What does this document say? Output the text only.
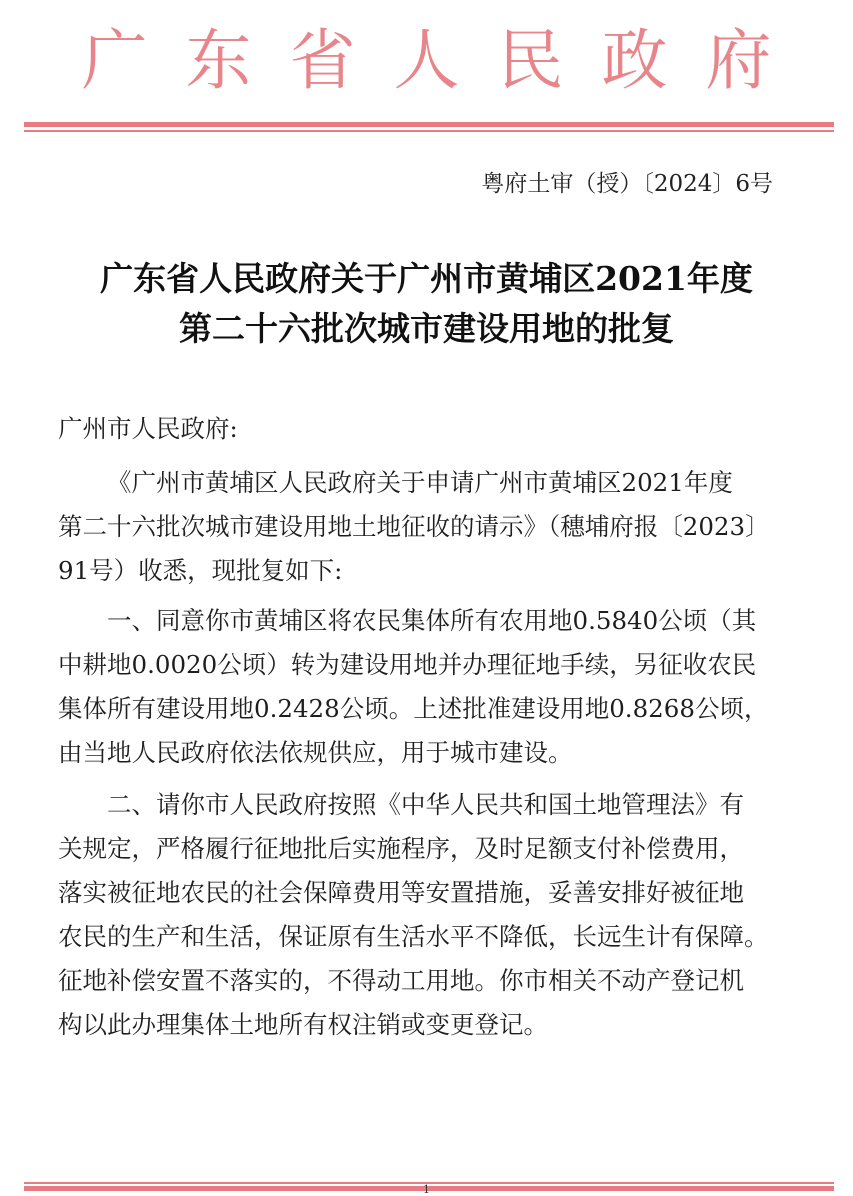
广东省人民政府
粤府土审（授）〔2024〕6号
广东省人民政府关于广州市黄埔区2021年度
第二十六批次城市建设用地的批复
广州市人民政府:
《广州市黄埔区人民政府关于申请广州市黄埔区2021年度
第二十六批次城市建设用地土地征收的请示》（穗埔府报〔2023〕
91号）收悉，现批复如下:
一、同意你市黄埔区将农民集体所有农用地0.5840公顷（其
中耕地0.0020公顷）转为建设用地并办理征地手续，另征收农民
集体所有建设用地0.2428公顷。上述批准建设用地0.8268公顷，
由当地人民政府依法依规供应，用于城市建设。
二、请你市人民政府按照《中华人民共和国土地管理法》有
关规定，严格履行征地批后实施程序，及时足额支付补偿费用，
落实被征地农民的社会保障费用等安置措施，妥善安排好被征地
农民的生产和生活，保证原有生活水平不降低，长远生计有保障。
征地补偿安置不落实的，不得动工用地。你市相关不动产登记机
构以此办理集体土地所有权注销或变更登记。
1
